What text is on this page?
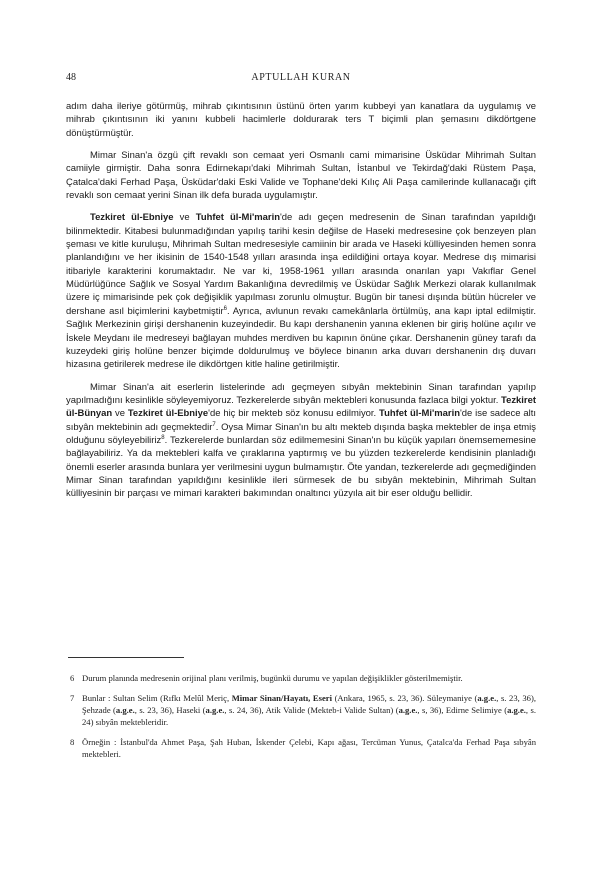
48	APTULLAH KURAN

adım daha ileriye götürmüş, mihrab çıkıntısının üstünü örten yarım kubbeyi yan kanatlara da uygulamış ve mihrab çıkıntısının iki yanını kubbeli hacimlerle doldurarak ters T biçimli plan şemasını dikdörtgene dönüştürmüştür.

Mimar Sinan'a özgü çift revaklı son cemaat yeri Osmanlı cami mimarisine Üsküdar Mihrimah Sultan camiiyle girmiştir. Daha sonra Edirnekapı'daki Mihrimah Sultan, İstanbul ve Tekirdağ'daki Rüstem Paşa, Çatalca'daki Ferhad Paşa, Üsküdar'daki Eski Valide ve Tophane'deki Kılıç Ali Paşa camilerinde kullanacağı çift revaklı son cemaat yerini Sinan ilk defa burada uygulamıştır.

Tezkiret ül-Ebniye ve Tuhfet ül-Mi'marin'de adı geçen medresenin de Sinan tarafından yapıldığı bilinmektedir. Kitabesi bulunmadığından yapılış tarihi kesin değilse de Haseki medresesine çok benzeyen plan şeması ve kitle kuruluşu, Mihrimah Sultan medresesiyle camiinin bir arada ve Haseki külliyesinden hemen sonra planlandığını ve her ikisinin de 1540-1548 yılları arasında inşa edildiğini ortaya koyar. Medrese dış mimarisi itibariyle karakterini korumaktadır. Ne var ki, 1958-1961 yılları arasında onarılan yapı Vakıflar Genel Müdürlüğünce Sağlık ve Sosyal Yardım Bakanlığına devredilmiş ve Üsküdar Sağlık Merkezi olarak kullanılmak üzere iç mimarisinde pek çok değişiklik yapılması zorunlu olmuştur. Bugün bir tanesi dışında bütün hücreler ve dershane asıl biçimlerini kaybetmiştir$^6$. Ayrıca, avlunun revakı camekânlarla örtülmüş, ana kapı iptal edilmiştir. Sağlık Merkezinin girişi dershanenin kuzeyindedir. Bu kapı dershanenin yanına eklenen bir giriş holüne açılır ve İskele Meydanı ile medreseyi bağlayan muhdes merdiven bu kapının önüne çıkar. Dershanenin güney tarafı da kuzeydeki giriş holüne benzer biçimde doldurulmuş ve böylece binanın arka duvarı dershanenin dış duvarı hizasına getirilerek medrese ile dikdörtgen kitle haline getirilmiştir.

Mimar Sinan'a ait eserlerin listelerinde adı geçmeyen sıbyân mektebinin Sinan tarafından yapılıp yapılmadığını kesinlikle söyleyemiyoruz. Tezkerelerde sıbyân mektebleri konusunda fazlaca bilgi yoktur. Tezkiret ül-Bünyan ve Tezkiret ül-Ebniye'de hiç bir mekteb söz konusu edilmiyor. Tuhfet ül-Mi'marin'de ise sadece altı sıbyân mektebinin adı geçmektedir$^7$. Oysa Mimar Sinan'ın bu altı mekteb dışında başka mektebler de inşa etmiş olduğunu söyleyebiliriz$^8$. Tezkerelerde bunlardan söz edilmemesini Sinan'ın bu küçük yapıları önemsememesine bağlayabiliriz. Ya da mektebleri kalfa ve çıraklarına yaptırmış ve bu yüzden tezkerelerde kendisinin planladığı önemli eserler arasında bunlara yer verilmesini uygun bulmamıştır. Öte yandan, tezkerelerde adı geçmediğinden Mimar Sinan tarafından yapıldığını kesinlikle ileri sürmesek de bu sıbyân mektebinin, Mihrimah Sultan külliyesinin bir parçası ve mimari karakteri bakımından onaltıncı yüzyıla ait bir eser olduğu bellidir.

6 Durum planında medresenin orijinal planı verilmiş, bugünkü durumu ve yapılan değişiklikler gösterilmemiştir.
7 Bunlar : Sultan Selim (Rıfkı Melûl Meriç, Mimar Sinan/Hayatı, Eseri (Ankara, 1965, s. 23, 36). Süleymaniye (a.g.e., s. 23, 36), Şehzade (a.g.e., s. 23, 36), Haseki (a.g.e., s. 24, 36), Atik Valide (Mekteb-i Valide Sultan) (a.g.e., s, 36), Edirne Selimiye (a.g.e., s. 24) sıbyân mektebleridir.
8 Örneğin : İstanbul'da Ahmet Paşa, Şah Huban, İskender Çelebi, Kapı ağası, Tercüman Yunus, Çatalca'da Ferhad Paşa sıbyân mektebleri.
